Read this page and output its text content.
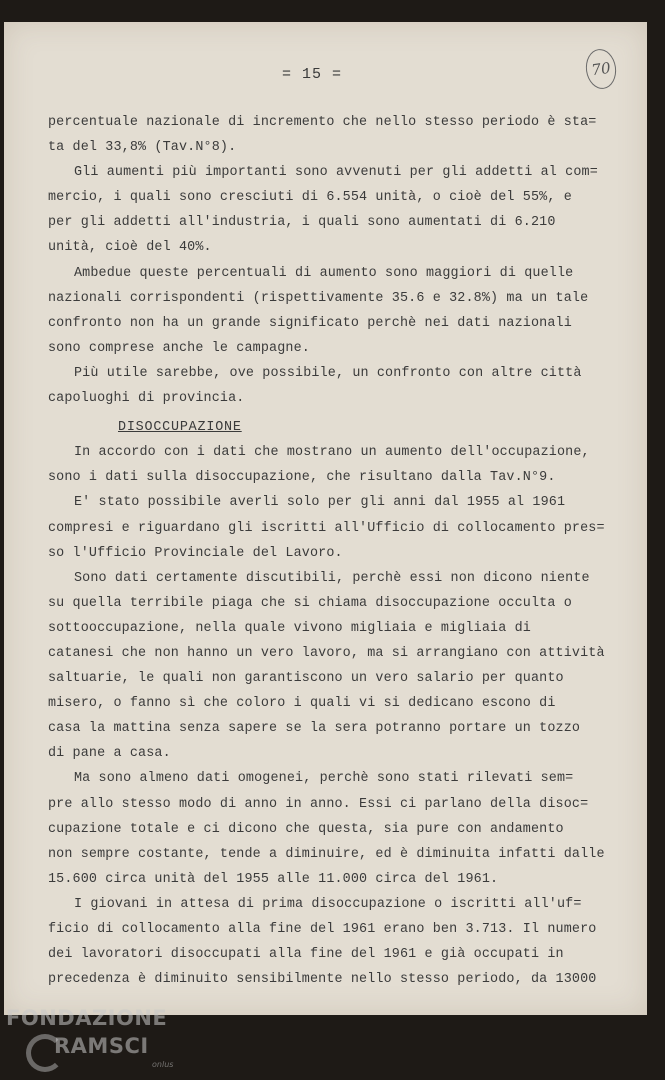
= 15 =	70
percentuale nazionale di incremento che nello stesso periodo è sta=
ta del 33,8% (Tav.N°8).
Gli aumenti più importanti sono avvenuti per gli addetti al com=
mercio, i quali sono cresciuti di 6.554 unità, o cioè del 55%, e
per gli addetti all'industria, i quali sono aumentati di 6.210
unità, cioè del 40%.
Ambedue queste percentuali di aumento sono maggiori di quelle
nazionali corrispondenti (rispettivamente 35.6 e 32.8%) ma un tale
confronto non ha un grande significato perchè nei dati nazionali
sono comprese anche le campagne.
Più utile sarebbe, ove possibile, un confronto con altre città
capoluoghi di provincia.
DISOCCUPAZIONE
In accordo con i dati che mostrano un aumento dell'occupazione,
sono i dati sulla disoccupazione, che risultano dalla Tav.N°9.
E' stato possibile averli solo per gli anni dal 1955 al 1961
compresi e riguardano gli iscritti all'Ufficio di collocamento pres=
so l'Ufficio Provinciale del Lavoro.
Sono dati certamente discutibili, perchè essi non dicono niente
su quella terribile piaga che si chiama disoccupazione occulta o
sottooccupazione, nella quale vivono migliaia e migliaia di
catanesi che non hanno un vero lavoro, ma si arrangiano con attività
saltuarie, le quali non garantiscono un vero salario per quanto
misero, o fanno sì che coloro i quali vi si dedicano escono di
casa la mattina senza sapere se la sera potranno portare un tozzo
di pane a casa.
Ma sono almeno dati omogenei, perchè sono stati rilevati sem=
pre allo stesso modo di anno in anno. Essi ci parlano della disoc=
cupazione totale e ci dicono che questa, sia pure con andamento
non sempre costante, tende a diminuire, ed è diminuita infatti dalle
15.600 circa unità del 1955 alle 11.000 circa del 1961.
I giovani in attesa di prima disoccupazione o iscritti all'uf=
ficio di collocamento alla fine del 1961 erano ben 3.713. Il numero
dei lavoratori disoccupati alla fine del 1961 e già occupati in
precedenza è diminuito sensibilmente nello stesso periodo, da 13000
FONDAZIONE
RAMSCI
onlus
